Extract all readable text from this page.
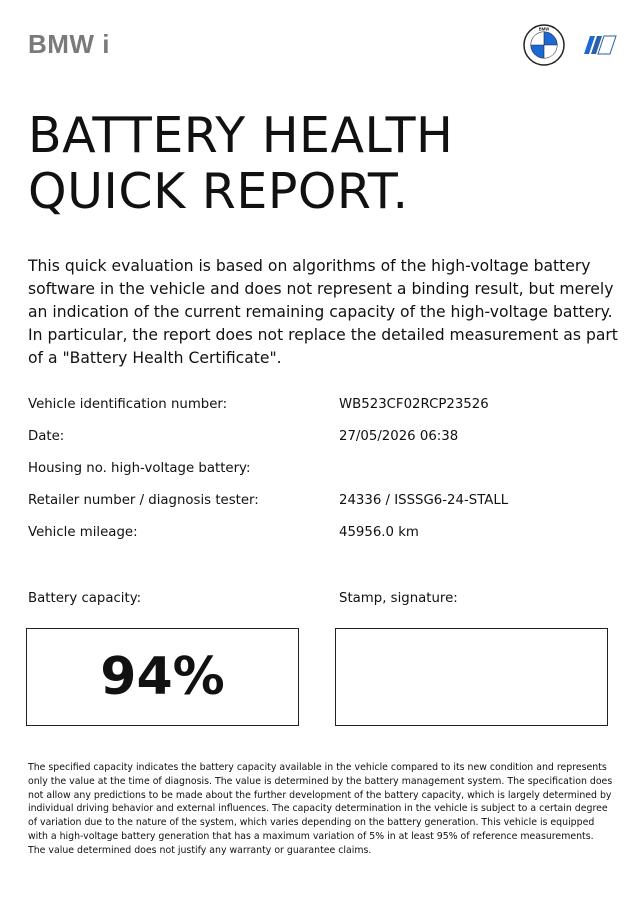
BMW i
BMW
BATTERY HEALTH
QUICK REPORT.

This quick evaluation is based on algorithms of the high-voltage battery software in the vehicle and does not represent a binding result, but merely an indication of the current remaining capacity of the high-voltage battery. In particular, the report does not replace the detailed measurement as part of a "Battery Health Certificate".

Vehicle identification number:	WB523CF02RCP23526
Date:	27/05/2026 06:38
Housing no. high-voltage battery:
Retailer number / diagnosis tester:	24336 / ISSSG6-24-STALL
Vehicle mileage:	45956.0 km
Battery capacity:	Stamp, signature:
94%

The specified capacity indicates the battery capacity available in the vehicle compared to its new condition and represents only the value at the time of diagnosis. The value is determined by the battery management system. The specification does not allow any predictions to be made about the further development of the battery capacity, which is largely determined by individual driving behavior and external influences. The capacity determination in the vehicle is subject to a certain degree of variation due to the nature of the system, which varies depending on the battery generation. This vehicle is equipped with a high-voltage battery generation that has a maximum variation of 5% in at least 95% of reference measurements. The value determined does not justify any warranty or guarantee claims.
